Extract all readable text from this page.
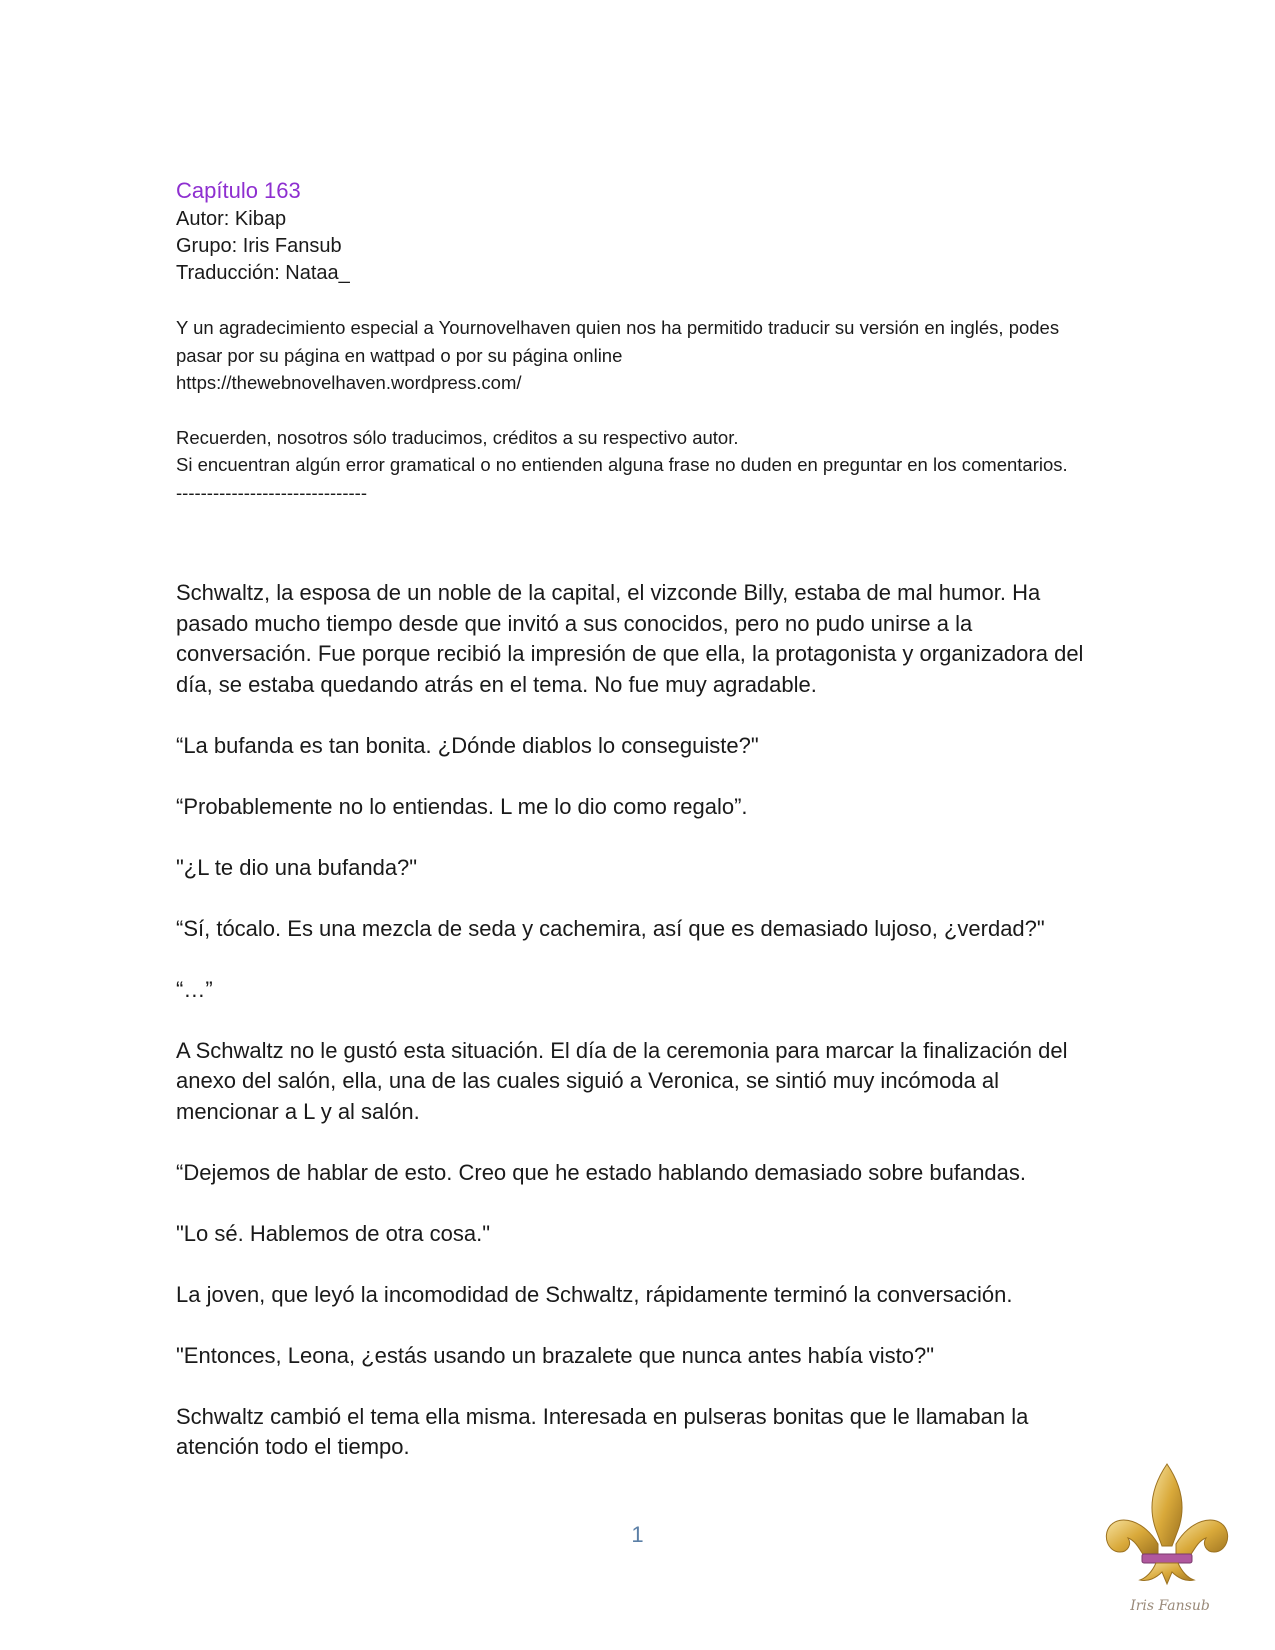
Capítulo 163

Autor: Kibap

Grupo: Iris Fansub

Traducción: Nataa_

Y un agradecimiento especial a Yournovelhaven quien nos ha permitido traducir su versión en inglés, podes pasar por su página en wattpad o por su página online

https://thewebnovelhaven.wordpress.com/

Recuerden, nosotros sólo traducimos, créditos a su respectivo autor.

Si encuentran algún error gramatical o no entienden alguna frase no duden en preguntar en los comentarios.

-------------------------------

Schwaltz, la esposa de un noble de la capital, el vizconde Billy, estaba de mal humor. Ha pasado mucho tiempo desde que invitó a sus conocidos, pero no pudo unirse a la conversación. Fue porque recibió la impresión de que ella, la protagonista y organizadora del día, se estaba quedando atrás en el tema. No fue muy agradable.

“La bufanda es tan bonita. ¿Dónde diablos lo conseguiste?"

“Probablemente no lo entiendas. L me lo dio como regalo”.

"¿L te dio una bufanda?"

“Sí, tócalo. Es una mezcla de seda y cachemira, así que es demasiado lujoso, ¿verdad?"

“…”

A Schwaltz no le gustó esta situación. El día de la ceremonia para marcar la finalización del anexo del salón, ella, una de las cuales siguió a Veronica, se sintió muy incómoda al mencionar a L y al salón.

“Dejemos de hablar de esto. Creo que he estado hablando demasiado sobre bufandas.

"Lo sé. Hablemos de otra cosa."

La joven, que leyó la incomodidad de Schwaltz, rápidamente terminó la conversación.

"Entonces, Leona, ¿estás usando un brazalete que nunca antes había visto?"

Schwaltz cambió el tema ella misma. Interesada en pulseras bonitas que le llamaban la atención todo el tiempo.

1
Iris Fansub
